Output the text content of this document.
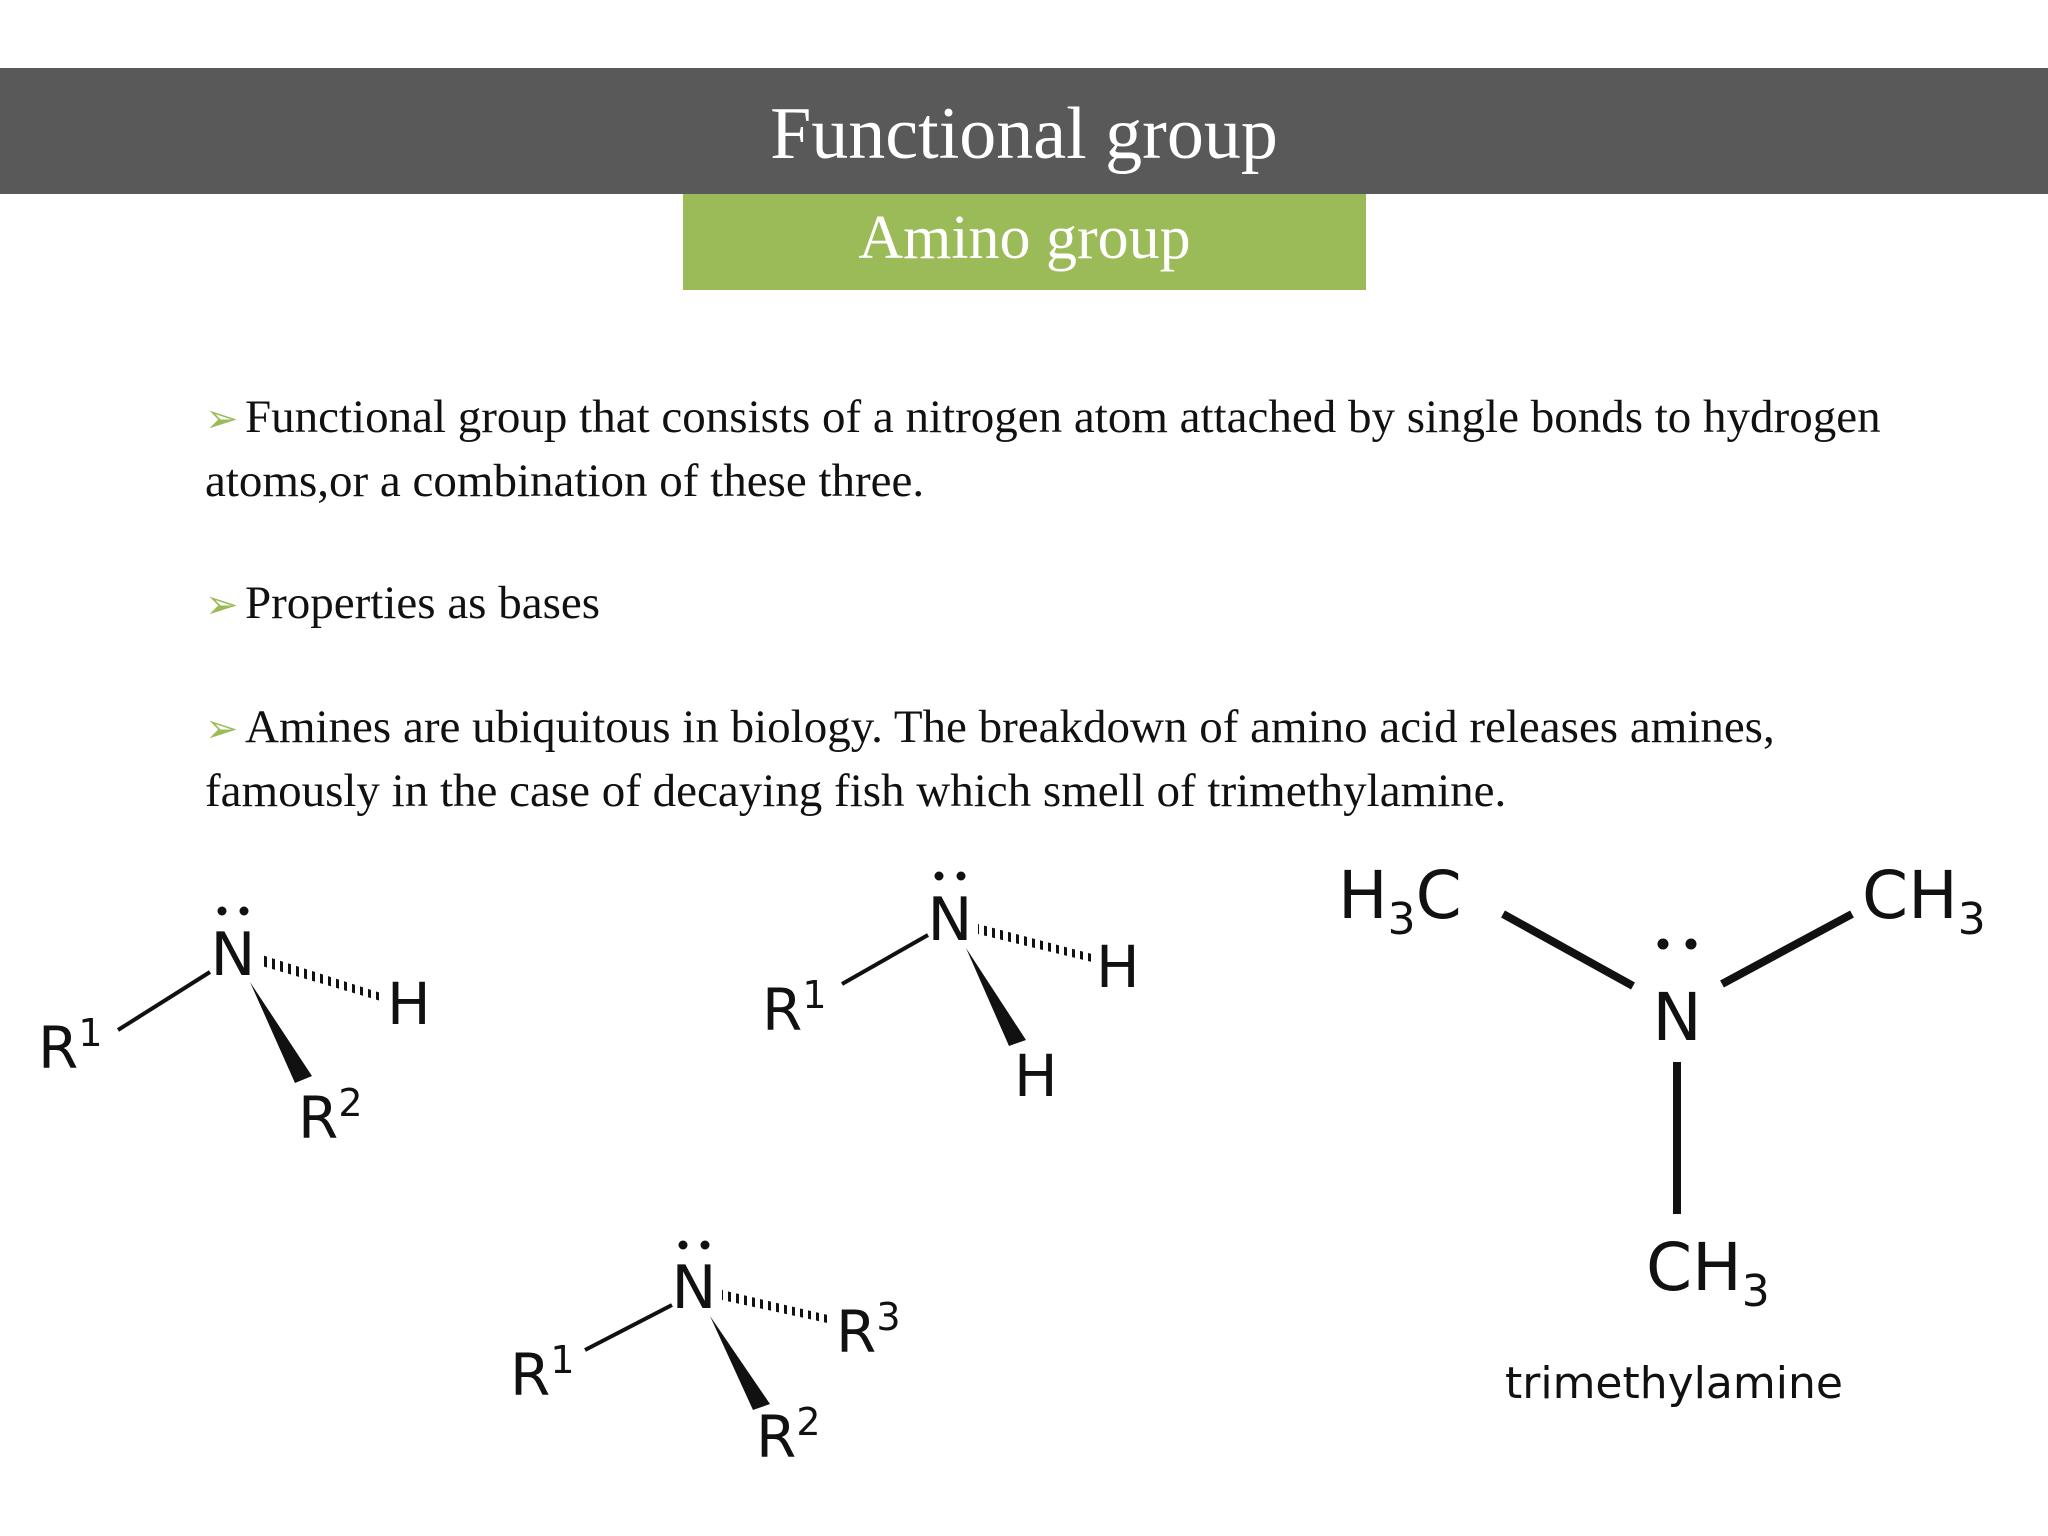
Functional group
Amino group

➢ Functional group that consists of a nitrogen atom attached by single bonds to hydrogen atoms,or a combination of these three.

➢ Properties as bases

➢ Amines are ubiquitous in biology. The breakdown of amino acid releases amines, famously in the case of decaying fish which smell of trimethylamine.

N
$R^1$	H
$R^2$
N
$R^1$	H
H
N
$R^1$	$R^3$
$R^2$
$H_3C$	$CH_3$
N
$CH_3$
trimethylamine
